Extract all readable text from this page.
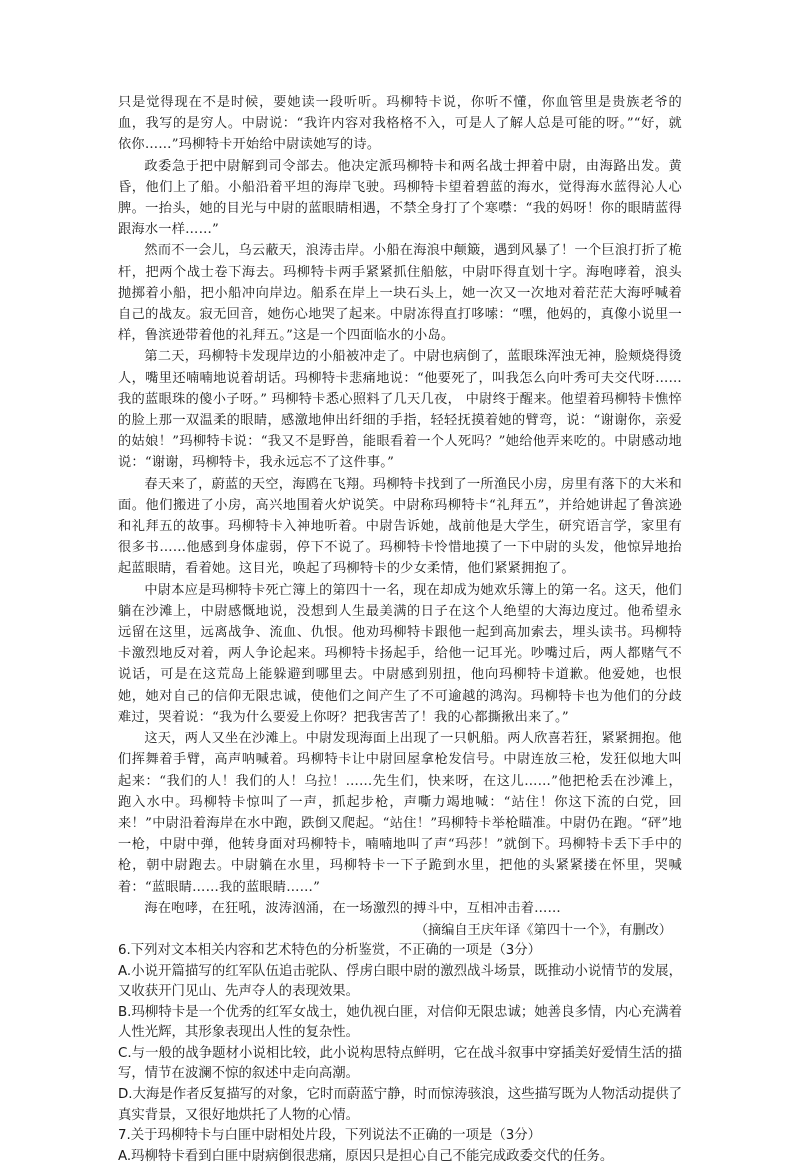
只是觉得现在不是时候，要她读一段听听。玛柳特卡说，你听不懂，你血管里是贵族老爷的血，我写的是穷人。中尉说：“我许内容对我格格不入，可是人了解人总是可能的呀。”“好，就依你……”玛柳特卡开始给中尉读她写的诗。

政委急于把中尉解到司令部去。他决定派玛柳特卡和两名战士押着中尉，由海路出发。黄昏，他们上了船。小船沿着平坦的海岸飞驶。玛柳特卡望着碧蓝的海水，觉得海水蓝得沁人心脾。一抬头，她的目光与中尉的蓝眼睛相遇，不禁全身打了个寒噤：“我的妈呀！你的眼睛蓝得跟海水一样……”

然而不一会儿，乌云蔽天，浪涛击岸。小船在海浪中颠簸，遇到风暴了！一个巨浪打折了桅杆，把两个战士卷下海去。玛柳特卡两手紧紧抓住船舷，中尉吓得直划十字。海咆哮着，浪头抛掷着小船，把小船冲向岸边。船系在岸上一块石头上，她一次又一次地对着茫茫大海呼喊着自己的战友。寂无回音，她伤心地哭了起来。中尉冻得直打哆嗦：“嘿，他妈的，真像小说里一样，鲁滨逊带着他的礼拜五。”这是一个四面临水的小岛。

第二天，玛柳特卡发现岸边的小船被冲走了。中尉也病倒了，蓝眼珠浑浊无神，脸颊烧得烫人，嘴里还喃喃地说着胡话。玛柳特卡悲痛地说：“他要死了，叫我怎么向叶秀可夫交代呀……我的蓝眼珠的傻小子呀。” 玛柳特卡悉心照料了几天几夜， 中尉终于醒来。他望着玛柳特卡憔悴的脸上那一双温柔的眼睛，感激地伸出纤细的手指，轻轻抚摸着她的臂弯，说：“谢谢你，亲爱的姑娘！”玛柳特卡说：“我又不是野兽，能眼看着一个人死吗？”她给他弄来吃的。中尉感动地说：“谢谢，玛柳特卡，我永远忘不了这件事。”

春天来了，蔚蓝的天空，海鸥在飞翔。玛柳特卡找到了一所渔民小房，房里有落下的大米和面。他们搬进了小房，高兴地围着火炉说笑。中尉称玛柳特卡“礼拜五”，并给她讲起了鲁滨逊和礼拜五的故事。玛柳特卡入神地听着。中尉告诉她，战前他是大学生，研究语言学，家里有很多书……他感到身体虚弱，停下不说了。玛柳特卡怜惜地摸了一下中尉的头发，他惊异地抬起蓝眼睛，看着她。这目光，唤起了玛柳特卡的少女柔情，他们紧紧拥抱了。

中尉本应是玛柳特卡死亡簿上的第四十一名，现在却成为她欢乐簿上的第一名。这天，他们躺在沙滩上，中尉感慨地说，没想到人生最美满的日子在这个人绝望的大海边度过。他希望永远留在这里，远离战争、流血、仇恨。他劝玛柳特卡跟他一起到高加索去，埋头读书。玛柳特卡激烈地反对着，两人争论起来。玛柳特卡扬起手，给他一记耳光。吵嘴过后，两人都赌气不说话，可是在这荒岛上能躲避到哪里去。中尉感到别扭，他向玛柳特卡道歉。他爱她，也恨她，她对自己的信仰无限忠诚，使他们之间产生了不可逾越的鸿沟。玛柳特卡也为他们的分歧难过，哭着说：“我为什么要爱上你呀？把我害苦了！我的心都撕揪出来了。”

这天，两人又坐在沙滩上。中尉发现海面上出现了一只帆船。两人欣喜若狂，紧紧拥抱。他们挥舞着手臂，高声呐喊着。玛柳特卡让中尉回屋拿枪发信号。中尉连放三枪，发狂似地大叫起来：“我们的人！我们的人！乌拉！……先生们，快来呀，在这儿……”他把枪丢在沙滩上，跑入水中。玛柳特卡惊叫了一声，抓起步枪，声嘶力竭地喊：“站住！你这下流的白党，回来！”中尉沿着海岸在水中跑，跌倒又爬起。“站住！”玛柳特卡举枪瞄准。中尉仍在跑。“砰”地一枪，中尉中弹，他转身面对玛柳特卡，喃喃地叫了声“玛莎！”就倒下。玛柳特卡丢下手中的枪，朝中尉跑去。中尉躺在水里，玛柳特卡一下子跪到水里，把他的头紧紧搂在怀里，哭喊着：“蓝眼睛……我的蓝眼睛……”

海在咆哮，在狂吼，波涛汹涌，在一场激烈的搏斗中，互相冲击着……

（摘编自王庆年译《第四十一个》，有删改）

6.下列对文本相关内容和艺术特色的分析鉴赏，不正确的一项是（3分）

A.小说开篇描写的红军队伍追击驼队、俘虏白眼中尉的激烈战斗场景，既推动小说情节的发展，又收获开门见山、先声夺人的表现效果。

B.玛柳特卡是一个优秀的红军女战士，她仇视白匪，对信仰无限忠诚；她善良多情，内心充满着人性光辉，其形象表现出人性的复杂性。

C.与一般的战争题材小说相比较，此小说构思特点鲜明，它在战斗叙事中穿插美好爱情生活的描写，情节在波澜不惊的叙述中走向高潮。

D.大海是作者反复描写的对象，它时而蔚蓝宁静，时而惊涛骇浪，这些描写既为人物活动提供了真实背景，又很好地烘托了人物的心情。

7.关于玛柳特卡与白匪中尉相处片段，下列说法不正确的一项是（3分）

A.玛柳特卡看到白匪中尉病倒很悲痛，原因只是担心自己不能完成政委交代的任务。
